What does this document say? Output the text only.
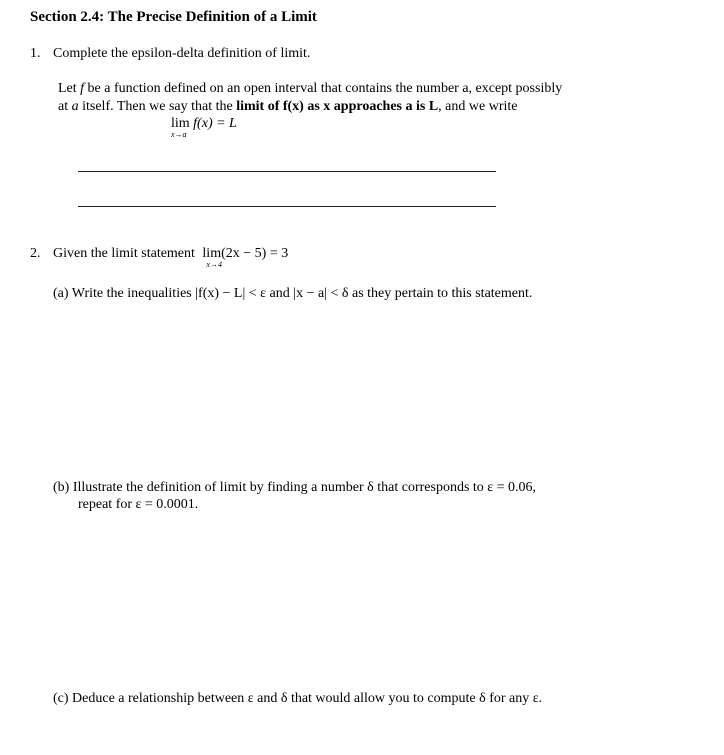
Section 2.4: The Precise Definition of a Limit
1. Complete the epsilon-delta definition of limit.
Let f be a function defined on an open interval that contains the number a, except possibly
at a itself. Then we say that the limit of f(x) as x approaches a is L, and we write
lim
x→a
f(x) = L
2. Given the limit statement lim
x→4
(2x − 5) = 3
(a) Write the inequalities |f(x) − L| < ε and |x − a| < δ as they pertain to this statement.
(b) Illustrate the definition of limit by finding a number δ that corresponds to ε = 0.06,
repeat for ε = 0.0001.
(c) Deduce a relationship between ε and δ that would allow you to compute δ for any ε.
